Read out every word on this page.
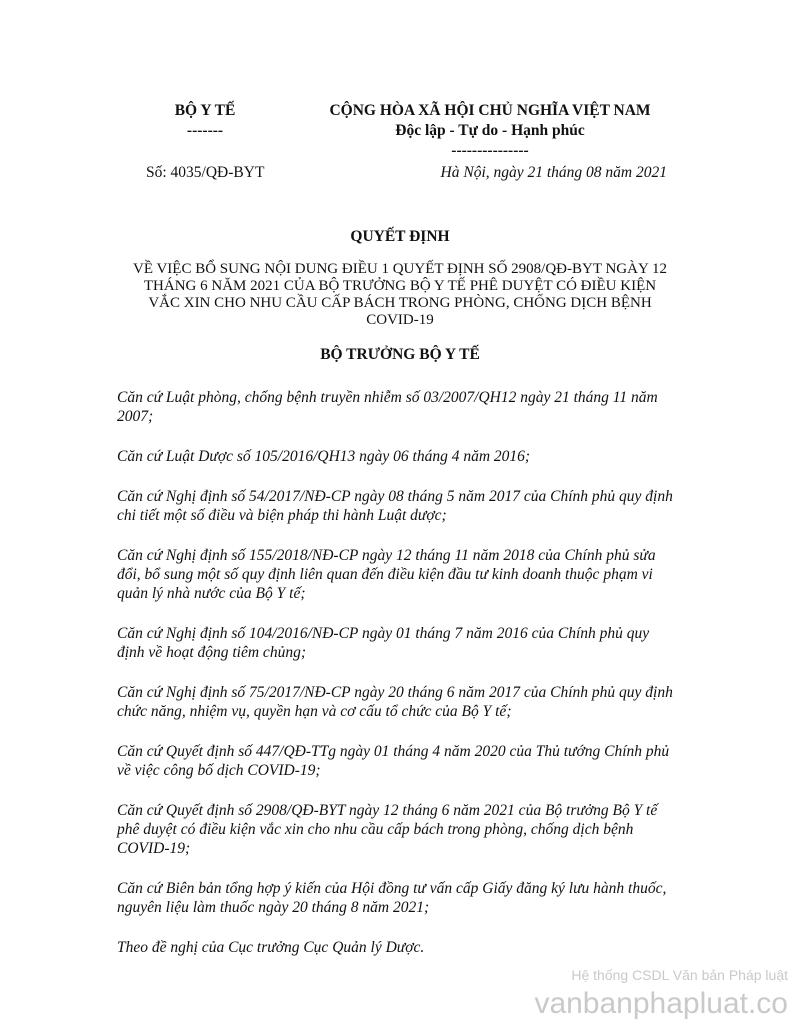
BỘ Y TẾ
-------
CỘNG HÒA XÃ HỘI CHỦ NGHĨA VIỆT NAM
Độc lập - Tự do - Hạnh phúc
---------------
Số: 4035/QĐ-BYT	Hà Nội, ngày 21 tháng 08 năm 2021
QUYẾT ĐỊNH
VỀ VIỆC BỔ SUNG NỘI DUNG ĐIỀU 1 QUYẾT ĐỊNH SỐ 2908/QĐ-BYT NGÀY 12
THÁNG 6 NĂM 2021 CỦA BỘ TRƯỞNG BỘ Y TẾ PHÊ DUYỆT CÓ ĐIỀU KIỆN
VẮC XIN CHO NHU CẦU CẤP BÁCH TRONG PHÒNG, CHỐNG DỊCH BỆNH
COVID-19
BỘ TRƯỞNG BỘ Y TẾ

Căn cứ Luật phòng, chống bệnh truyền nhiễm số 03/2007/QH12 ngày 21 tháng 11 năm
2007;

Căn cứ Luật Dược số 105/2016/QH13 ngày 06 tháng 4 năm 2016;

Căn cứ Nghị định số 54/2017/NĐ-CP ngày 08 tháng 5 năm 2017 của Chính phủ quy định
chi tiết một số điều và biện pháp thi hành Luật dược;

Căn cứ Nghị định số 155/2018/NĐ-CP ngày 12 tháng 11 năm 2018 của Chính phủ sửa
đổi, bổ sung một số quy định liên quan đến điều kiện đầu tư kinh doanh thuộc phạm vi
quản lý nhà nước của Bộ Y tế;

Căn cứ Nghị định số 104/2016/NĐ-CP ngày 01 tháng 7 năm 2016 của Chính phủ quy
định về hoạt động tiêm chủng;

Căn cứ Nghị định số 75/2017/NĐ-CP ngày 20 tháng 6 năm 2017 của Chính phủ quy định
chức năng, nhiệm vụ, quyền hạn và cơ cấu tổ chức của Bộ Y tế;

Căn cứ Quyết định số 447/QĐ-TTg ngày 01 tháng 4 năm 2020 của Thủ tướng Chính phủ
về việc công bố dịch COVID-19;

Căn cứ Quyết định số 2908/QĐ-BYT ngày 12 tháng 6 năm 2021 của Bộ trưởng Bộ Y tế
phê duyệt có điều kiện vắc xin cho nhu cầu cấp bách trong phòng, chống dịch bệnh
COVID-19;

Căn cứ Biên bản tổng hợp ý kiến của Hội đồng tư vấn cấp Giấy đăng ký lưu hành thuốc,
nguyên liệu làm thuốc ngày 20 tháng 8 năm 2021;

Theo đề nghị của Cục trưởng Cục Quản lý Dược.

Hệ thống CSDL Văn bản Pháp luật
vanbanphapluat.co
